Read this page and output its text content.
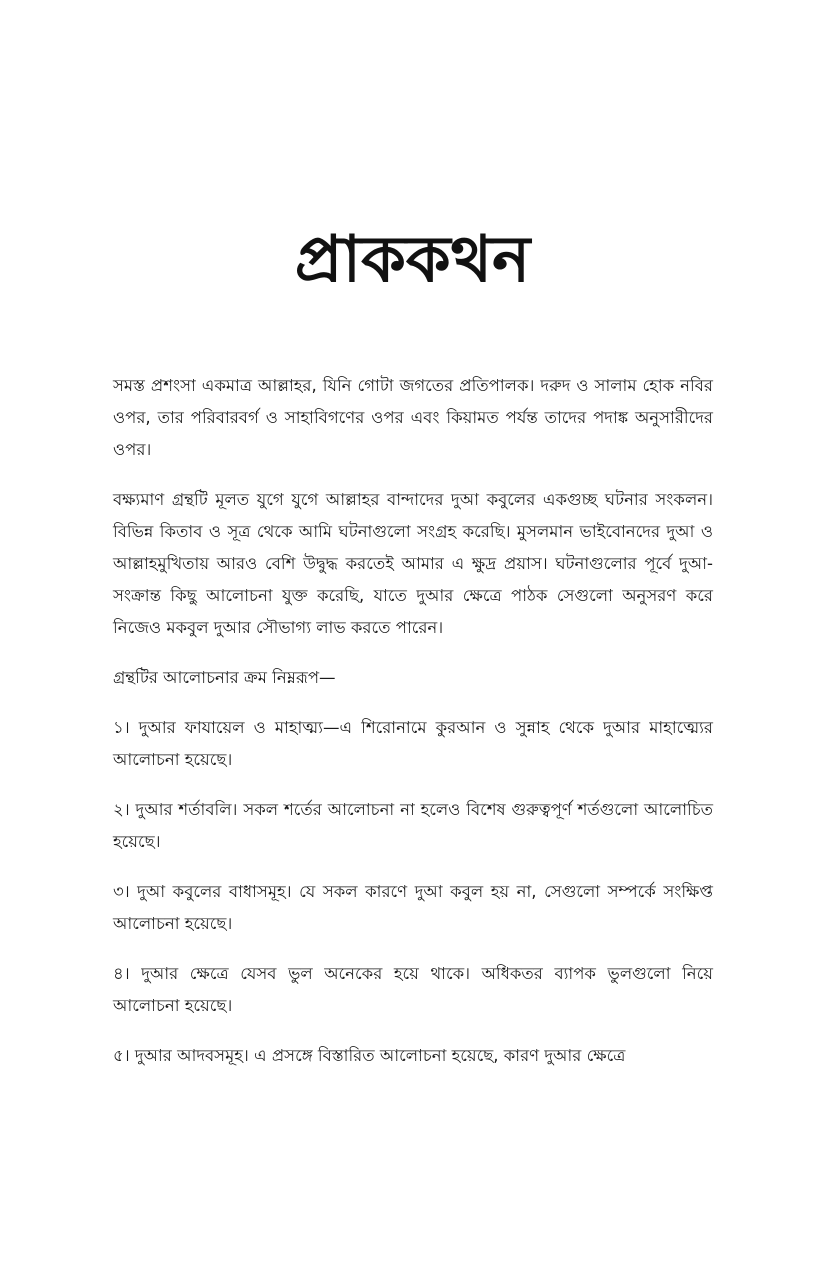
প্রাককথন

সমস্ত প্রশংসা একমাত্র আল্লাহর, যিনি গোটা জগতের প্রতিপালক। দরুদ ও সালাম হোক নবির ওপর, তার পরিবারবর্গ ও সাহাবিগণের ওপর এবং কিয়ামত পর্যন্ত তাদের পদাঙ্ক অনুসারীদের ওপর।

বক্ষ্যমাণ গ্রন্থটি মূলত যুগে যুগে আল্লাহর বান্দাদের দুআ কবুলের একগুচ্ছ ঘটনার সংকলন। বিভিন্ন কিতাব ও সূত্র থেকে আমি ঘটনাগুলো সংগ্রহ করেছি। মুসলমান ভাইবোনদের দুআ ও আল্লাহমুখিতায় আরও বেশি উদ্বুদ্ধ করতেই আমার এ ক্ষুদ্র প্রয়াস। ঘটনাগুলোর পূর্বে দুআ-সংক্রান্ত কিছু আলোচনা যুক্ত করেছি, যাতে দুআর ক্ষেত্রে পাঠক সেগুলো অনুসরণ করে নিজেও মকবুল দুআর সৌভাগ্য লাভ করতে পারেন।

গ্রন্থটির আলোচনার ক্রম নিম্নরূপ—

১। দুআর ফাযায়েল ও মাহাত্ম্য—এ শিরোনামে কুরআন ও সুন্নাহ থেকে দুআর মাহাত্ম্যের আলোচনা হয়েছে।

২। দুআর শর্তাবলি। সকল শর্তের আলোচনা না হলেও বিশেষ গুরুত্বপূর্ণ শর্তগুলো আলোচিত হয়েছে।

৩। দুআ কবুলের বাধাসমূহ। যে সকল কারণে দুআ কবুল হয় না, সেগুলো সম্পর্কে সংক্ষিপ্ত আলোচনা হয়েছে।

৪। দুআর ক্ষেত্রে যেসব ভুল অনেকের হয়ে থাকে। অধিকতর ব্যাপক ভুলগুলো নিয়ে আলোচনা হয়েছে।

৫। দুআর আদবসমূহ। এ প্রসঙ্গে বিস্তারিত আলোচনা হয়েছে, কারণ দুআর ক্ষেত্রে
